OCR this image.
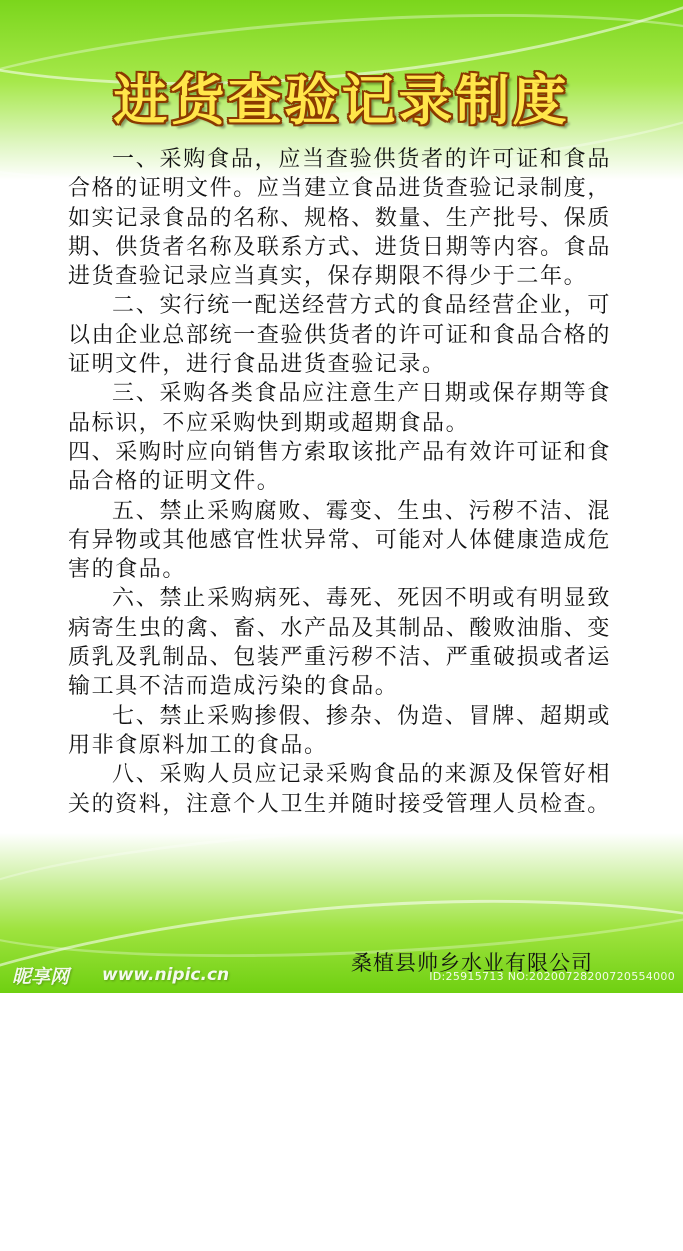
进货查验记录制度

一、采购食品，应当查验供货者的许可证和食品合格的证明文件。应当建立食品进货查验记录制度，如实记录食品的名称、规格、数量、生产批号、保质期、供货者名称及联系方式、进货日期等内容。食品进货查验记录应当真实，保存期限不得少于二年。

二、实行统一配送经营方式的食品经营企业，可以由企业总部统一查验供货者的许可证和食品合格的证明文件，进行食品进货查验记录。

三、采购各类食品应注意生产日期或保存期等食品标识，不应采购快到期或超期食品。

四、采购时应向销售方索取该批产品有效许可证和食品合格的证明文件。

五、禁止采购腐败、霉变、生虫、污秽不洁、混有异物或其他感官性状异常、可能对人体健康造成危害的食品。

六、禁止采购病死、毒死、死因不明或有明显致病寄生虫的禽、畜、水产品及其制品、酸败油脂、变质乳及乳制品、包装严重污秽不洁、严重破损或者运输工具不洁而造成污染的食品。

七、禁止采购掺假、掺杂、伪造、冒牌、超期或用非食原料加工的食品。

八、采购人员应记录采购食品的来源及保管好相关的资料，注意个人卫生并随时接受管理人员检查。

桑植县帅乡水业有限公司
昵享网 www.nipic.cn	ID:25915713 NO:20200728200720554000
